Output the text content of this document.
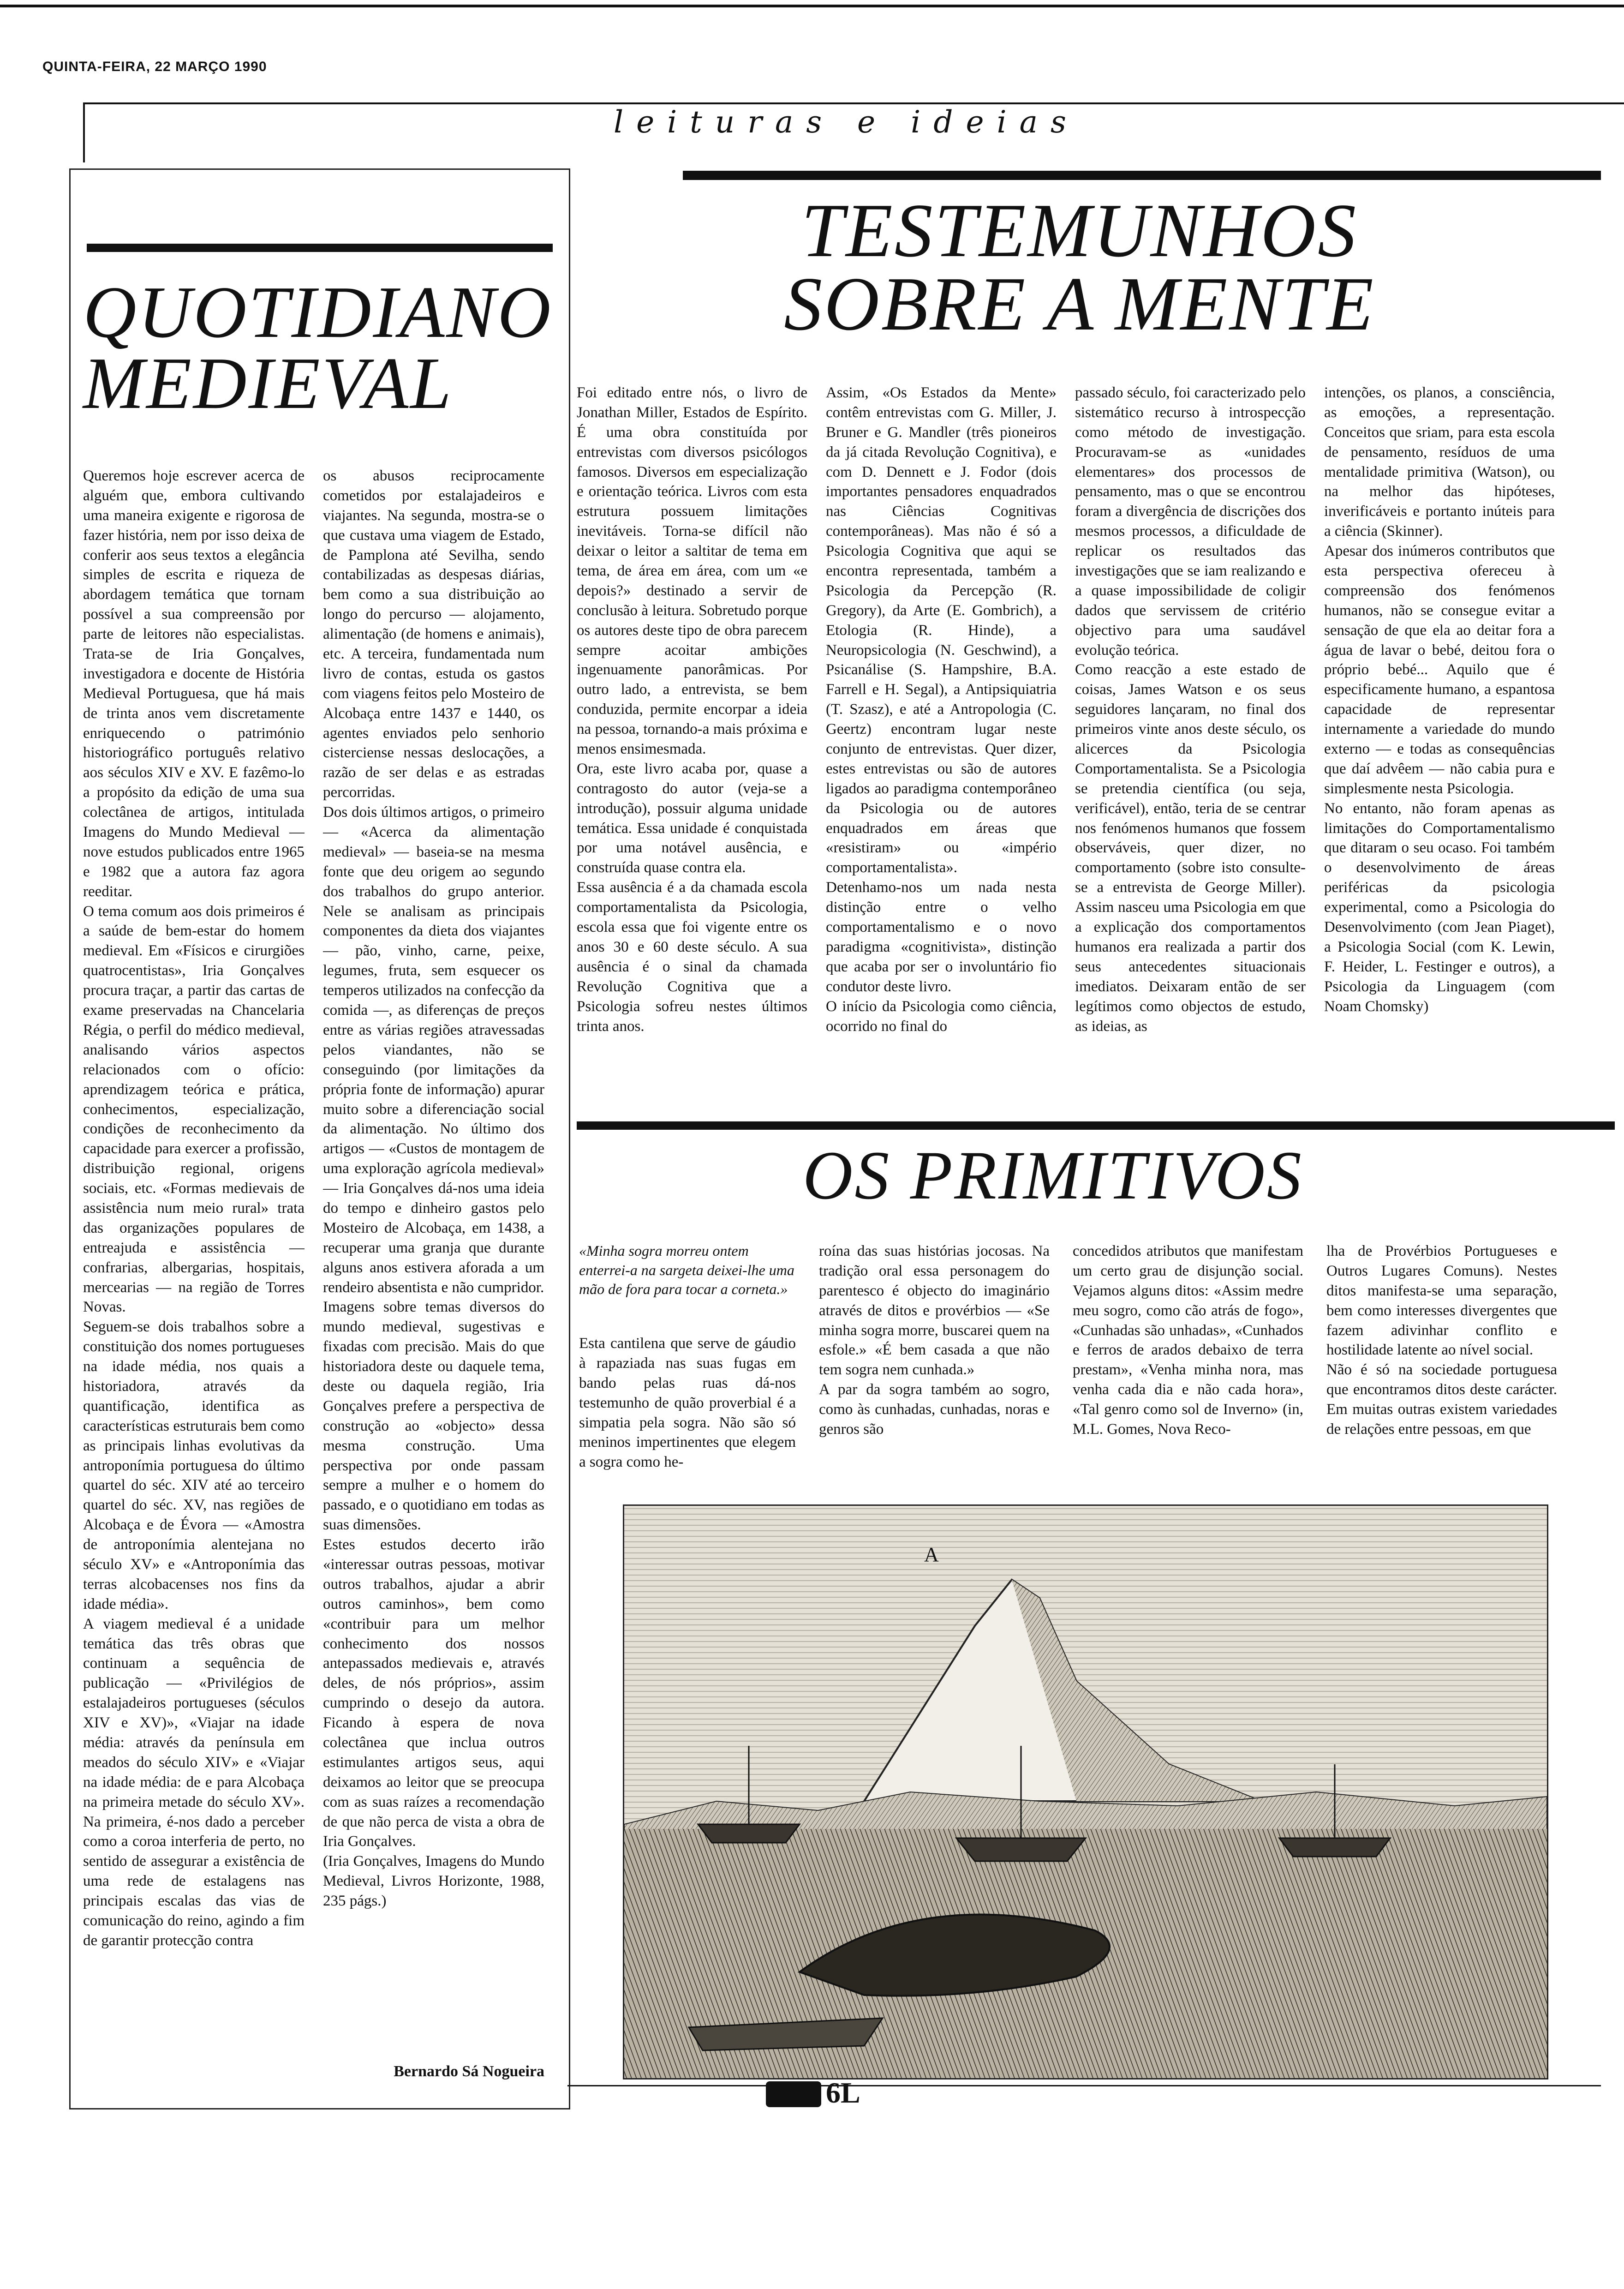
QUINTA-FEIRA, 22 MARÇO 1990
leituras e ideias
QUOTIDIANO
MEDIEVAL
Queremos hoje escrever acerca de alguém que, embora cultivando uma maneira exigente e rigorosa de fazer história, nem por isso deixa de conferir aos seus textos a elegância simples de escrita e riqueza de abordagem temática que tornam possível a sua compreensão por parte de leitores não especialistas. Trata-se de Iria Gonçalves, investigadora e docente de História Medieval Portuguesa, que há mais de trinta anos vem discretamente enriquecendo o património historiográfico português relativo aos séculos XIV e XV. E fazêmo-lo a propósito da edição de uma sua colectânea de artigos, intitulada Imagens do Mundo Medieval — nove estudos publicados entre 1965 e 1982 que a autora faz agora reeditar.
O tema comum aos dois primeiros é a saúde de bem-estar do homem medieval. Em «Físicos e cirurgiões quatrocentistas», Iria Gonçalves procura traçar, a partir das cartas de exame preservadas na Chancelaria Régia, o perfil do médico medieval, analisando vários aspectos relacionados com o ofício: aprendizagem teórica e prática, conhecimentos, especialização, condições de reconhecimento da capacidade para exercer a profissão, distribuição regional, origens sociais, etc. «Formas medievais de assistência num meio rural» trata das organizações populares de entreajuda e assistência — confrarias, albergarias, hospitais, mercearias — na região de Torres Novas.
Seguem-se dois trabalhos sobre a constituição dos nomes portugueses na idade média, nos quais a historiadora, através da quantificação, identifica as características estruturais bem como as principais linhas evolutivas da antroponímia portuguesa do último quartel do séc. XIV até ao terceiro quartel do séc. XV, nas regiões de Alcobaça e de Évora — «Amostra de antroponímia alentejana no século XV» e «Antroponímia das terras alcobacenses nos fins da idade média».
A viagem medieval é a unidade temática das três obras que continuam a sequência de publicação — «Privilégios de estalajadeiros portugueses (séculos XIV e XV)», «Viajar na idade média: através da península em meados do século XIV» e «Viajar na idade média: de e para Alcobaça na primeira metade do século XV». Na primeira, é-nos dado a perceber como a coroa interferia de perto, no sentido de assegurar a existência de uma rede de estalagens nas principais escalas das vias de comunicação do reino, agindo a fim de garantir protecção contra
os abusos reciprocamente cometidos por estalajadeiros e viajantes. Na segunda, mostra-se o que custava uma viagem de Estado, de Pamplona até Sevilha, sendo contabilizadas as despesas diárias, bem como a sua distribuição ao longo do percurso — alojamento, alimentação (de homens e animais), etc. A terceira, fundamentada num livro de contas, estuda os gastos com viagens feitos pelo Mosteiro de Alcobaça entre 1437 e 1440, os agentes enviados pelo senhorio cisterciense nessas deslocações, a razão de ser delas e as estradas percorridas.
Dos dois últimos artigos, o primeiro — «Acerca da alimentação medieval» — baseia-se na mesma fonte que deu origem ao segundo dos trabalhos do grupo anterior. Nele se analisam as principais componentes da dieta dos viajantes — pão, vinho, carne, peixe, legumes, fruta, sem esquecer os temperos utilizados na confecção da comida —, as diferenças de preços entre as várias regiões atravessadas pelos viandantes, não se conseguindo (por limitações da própria fonte de informação) apurar muito sobre a diferenciação social da alimentação. No último dos artigos — «Custos de montagem de uma exploração agrícola medieval» — Iria Gonçalves dá-nos uma ideia do tempo e dinheiro gastos pelo Mosteiro de Alcobaça, em 1438, a recuperar uma granja que durante alguns anos estivera aforada a um rendeiro absentista e não cumpridor.
Imagens sobre temas diversos do mundo medieval, sugestivas e fixadas com precisão. Mais do que historiadora deste ou daquele tema, deste ou daquela região, Iria Gonçalves prefere a perspectiva de construção ao «objecto» dessa mesma construção. Uma perspectiva por onde passam sempre a mulher e o homem do passado, e o quotidiano em todas as suas dimensões.
Estes estudos decerto irão «interessar outras pessoas, motivar outros trabalhos, ajudar a abrir outros caminhos», bem como «contribuir para um melhor conhecimento dos nossos antepassados medievais e, através deles, de nós próprios», assim cumprindo o desejo da autora. Ficando à espera de nova colectânea que inclua outros estimulantes artigos seus, aqui deixamos ao leitor que se preocupa com as suas raízes a recomendação de que não perca de vista a obra de Iria Gonçalves.
(Iria Gonçalves, Imagens do Mundo Medieval, Livros Horizonte, 1988, 235 págs.)
Bernardo Sá Nogueira
TESTEMUNHOS
SOBRE A MENTE
Foi editado entre nós, o livro de Jonathan Miller, Estados de Espírito. É uma obra constituída por entrevistas com diversos psicólogos famosos. Diversos em especialização e orientação teórica. Livros com esta estrutura possuem limitações inevitáveis. Torna-se difícil não deixar o leitor a saltitar de tema em tema, de área em área, com um «e depois?» destinado a servir de conclusão à leitura. Sobretudo porque os autores deste tipo de obra parecem sempre acoitar ambições ingenuamente panorâmicas. Por outro lado, a entrevista, se bem conduzida, permite encorpar a ideia na pessoa, tornando-a mais próxima e menos ensimesmada.
Ora, este livro acaba por, quase a contragosto do autor (veja-se a introdução), possuir alguma unidade temática. Essa unidade é conquistada por uma notável ausência, e construída quase contra ela.
Essa ausência é a da chamada escola comportamentalista da Psicologia, escola essa que foi vigente entre os anos 30 e 60 deste século. A sua ausência é o sinal da chamada Revolução Cognitiva que a Psicologia sofreu nestes últimos trinta anos.
Assim, «Os Estados da Mente» contêm entrevistas com G. Miller, J. Bruner e G. Mandler (três pioneiros da já citada Revolução Cognitiva), e com D. Dennett e J. Fodor (dois importantes pensadores enquadrados nas Ciências Cognitivas contemporâneas). Mas não é só a Psicologia Cognitiva que aqui se encontra representada, também a Psicologia da Percepção (R. Gregory), da Arte (E. Gombrich), a Etologia (R. Hinde), a Neuropsicologia (N. Geschwind), a Psicanálise (S. Hampshire, B.A. Farrell e H. Segal), a Antipsiquiatria (T. Szasz), e até a Antropologia (C. Geertz) encontram lugar neste conjunto de entrevistas. Quer dizer, estes entrevistas ou são de autores ligados ao paradigma contemporâneo da Psicologia ou de autores enquadrados em áreas que «resistiram» ou «império comportamentalista».
Detenhamo-nos um nada nesta distinção entre o velho comportamentalismo e o novo paradigma «cognitivista», distinção que acaba por ser o involuntário fio condutor deste livro.
O início da Psicologia como ciência, ocorrido no final do
passado século, foi caracterizado pelo sistemático recurso à introspecção como método de investigação. Procuravam-se as «unidades elementares» dos processos de pensamento, mas o que se encontrou foram a divergência de discrições dos mesmos processos, a dificuldade de replicar os resultados das investigações que se iam realizando e a quase impossibilidade de coligir dados que servissem de critério objectivo para uma saudável evolução teórica.
Como reacção a este estado de coisas, James Watson e os seus seguidores lançaram, no final dos primeiros vinte anos deste século, os alicerces da Psicologia Comportamentalista. Se a Psicologia se pretendia científica (ou seja, verificável), então, teria de se centrar nos fenómenos humanos que fossem observáveis, quer dizer, no comportamento (sobre isto consulte-se a entrevista de George Miller). Assim nasceu uma Psicologia em que a explicação dos comportamentos humanos era realizada a partir dos seus antecedentes situacionais imediatos. Deixaram então de ser legítimos como objectos de estudo, as ideias, as
intenções, os planos, a consciência, as emoções, a representação. Conceitos que sriam, para esta escola de pensamento, resíduos de uma mentalidade primitiva (Watson), ou na melhor das hipóteses, inverificáveis e portanto inúteis para a ciência (Skinner).
Apesar dos inúmeros contributos que esta perspectiva ofereceu à compreensão dos fenómenos humanos, não se consegue evitar a sensação de que ela ao deitar fora a água de lavar o bebé, deitou fora o próprio bebé... Aquilo que é especificamente humano, a espantosa capacidade de representar internamente a variedade do mundo externo — e todas as consequências que daí advêem — não cabia pura e simplesmente nesta Psicologia.
No entanto, não foram apenas as limitações do Comportamentalismo que ditaram o seu ocaso. Foi também o desenvolvimento de áreas periféricas da psicologia experimental, como a Psicologia do Desenvolvimento (com Jean Piaget), a Psicologia Social (com K. Lewin, F. Heider, L. Festinger e outros), a Psicologia da Linguagem (com Noam Chomsky)
OS PRIMITIVOS
«Minha sogra morreu ontem enterrei-a na sargeta deixei-lhe uma mão de fora para tocar a corneta.»
Esta cantilena que serve de gáudio à rapaziada nas suas fugas em bando pelas ruas dá-nos testemunho de quão proverbial é a simpatia pela sogra. Não são só meninos impertinentes que elegem a sogra como he-
roína das suas histórias jocosas. Na tradição oral essa personagem do parentesco é objecto do imaginário através de ditos e provérbios — «Se minha sogra morre, buscarei quem na esfole.» «É bem casada a que não tem sogra nem cunhada.»
A par da sogra também ao sogro, como às cunhadas, cunhadas, noras e genros são
concedidos atributos que manifestam um certo grau de disjunção social. Vejamos alguns ditos: «Assim medre meu sogro, como cão atrás de fogo», «Cunhadas são unhadas», «Cunhados e ferros de arados debaixo de terra prestam», «Venha minha nora, mas venha cada dia e não cada hora», «Tal genro como sol de Inverno» (in, M.L. Gomes, Nova Reco-
lha de Provérbios Portugueses e Outros Lugares Comuns). Nestes ditos manifesta-se uma separação, bem como interesses divergentes que fazem adivinhar conflito e hostilidade latente ao nível social.
Não é só na sociedade portuguesa que encontramos ditos deste carácter. Em muitas outras existem variedades de relações entre pessoas, em que
A
6L
